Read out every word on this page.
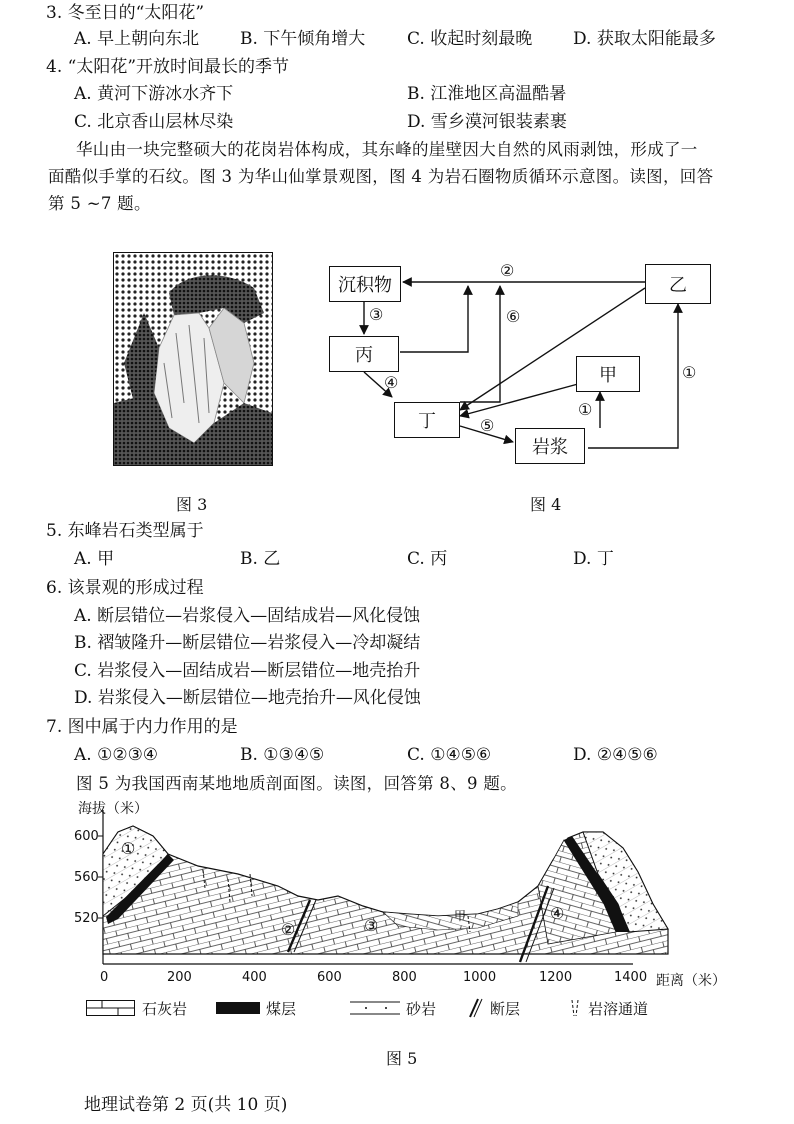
3. 冬至日的“太阳花”
A. 早上朝向东北 B. 下午倾角增大 C. 收起时刻最晚 D. 获取太阳能最多
4. “太阳花”开放时间最长的季节
A. 黄河下游冰水齐下	B. 江淮地区高温酷暑
C. 北京香山层林尽染	D. 雪乡漠河银装素裹
华山由一块完整硕大的花岗岩体构成，其东峰的崖壁因大自然的风雨剥蚀，形成了一
面酷似手掌的石纹。图 3 为华山仙掌景观图，图 4 为岩石圈物质循环示意图。读图，回答
第 5 ~7 题。
图 3
沉积物	乙
丙
甲
丁
岩浆
②
③	⑥
④
⑤
①
①
图 4
5. 东峰岩石类型属于
A. 甲	B. 乙	C. 丙	D. 丁
6. 该景观的形成过程
A. 断层错位—岩浆侵入—固结成岩—风化侵蚀
B. 褶皱隆升—断层错位—岩浆侵入—冷却凝结
C. 岩浆侵入—固结成岩—断层错位—地壳抬升
D. 岩浆侵入—断层错位—地壳抬升—风化侵蚀
7. 图中属于内力作用的是
A. ①②③④	B. ①③④⑤	C. ①④⑤⑥	D. ②④⑤⑥
图 5 为我国西南某地地质剖面图。读图，回答第 8、9 题。
海拔（米）
600
560
520
0	200	400	600	800	1000	1200	1400 距离（米）
①
②	③
④
甲
石灰岩	煤层	砂岩	断层	岩溶通道
图 5
地理试卷第 2 页(共 10 页)
